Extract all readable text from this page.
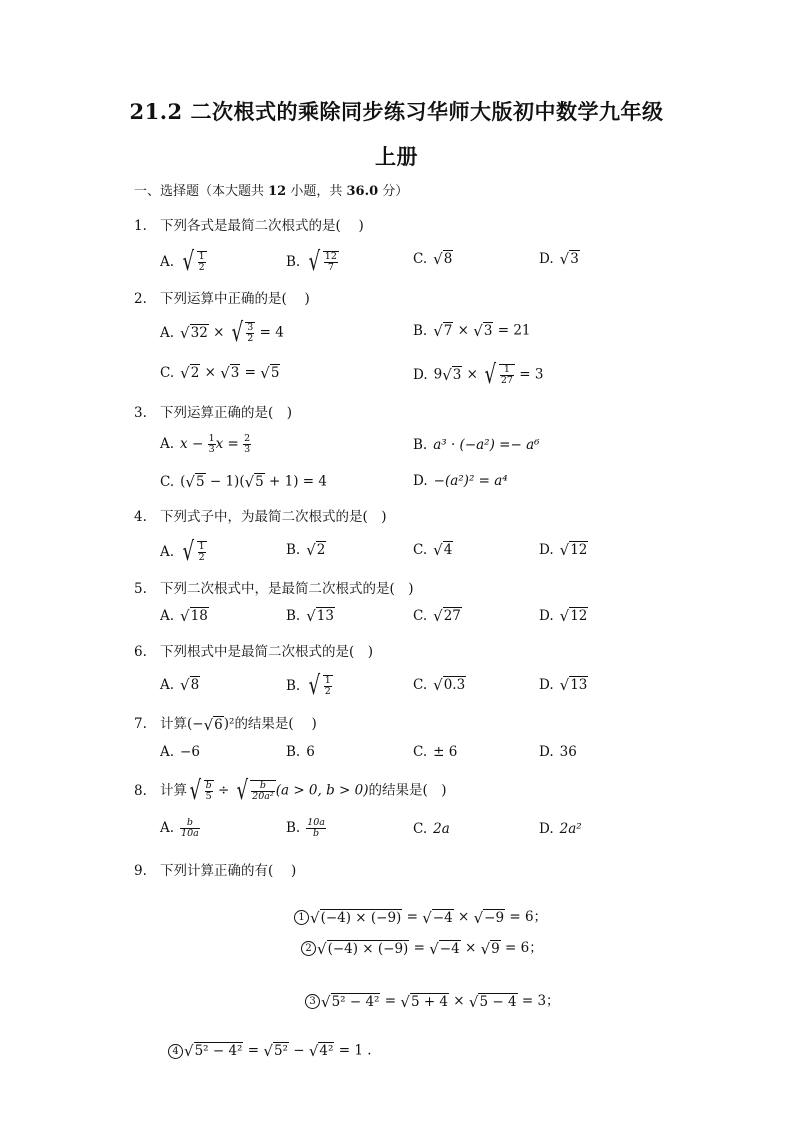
21.2 二次根式的乘除同步练习华师大版初中数学九年级
上册
一、选择题（本大题共 12 小题，共 36.0 分）
1. 下列各式是最简二次根式的是(　 )
A. √ $\frac{1}{2}$	B. √ $\frac{12}{7}$	C. √8	D. √3
2. 下列运算中正确的是(　 )
A. √32 × √ $\frac{3}{2} = 4$	B. √7 × √3 = 21
C. √2 × √3 = √5	D. 9√3 × √ $\frac{1}{27} = 3$
3. 下列运算正确的是(　)
A. $x - \frac{1}{3}$ $x = \frac{2}{3}$	B. a³ · (−a²) =− a⁶
C. (√5 − 1)(√5 + 1) = 4	D. −(a²)² = a⁴
4. 下列式子中，为最简二次根式的是(　)
A. √ $\frac{1}{2}$	B. √2	C. √4	D. √12
5. 下列二次根式中，是最简二次根式的是(　)
A. √18	B. √13	C. √27	D. √12
6. 下列根式中是最简二次根式的是(　)
A. √8	B. √ $\frac{1}{2}$	C. √0.3	D. √13
7. 计算(−√6)²的结果是(　 )
A. −6	B. 6	C. ± 6	D. 36
8. 计算√ $\frac{b}{5}$ ÷ √ $\frac{b}{\text{20a²}} (a > 0$, b > 0)的结果是(　)
A. $\frac{b}{10a}$	B. $\frac{10a}{b}$	C. 2a	D. 2a²
9. 下列计算正确的有(　 )
1 √(−4) × (−9) = √−4 × √−9 = 6；
2 √(−4) × (−9) = √−4 × √9 = 6；
3 √5² − 4² = √5 + 4 × √5 − 4 = 3；
4 √5² − 4² = √5² − √4² = 1 .
